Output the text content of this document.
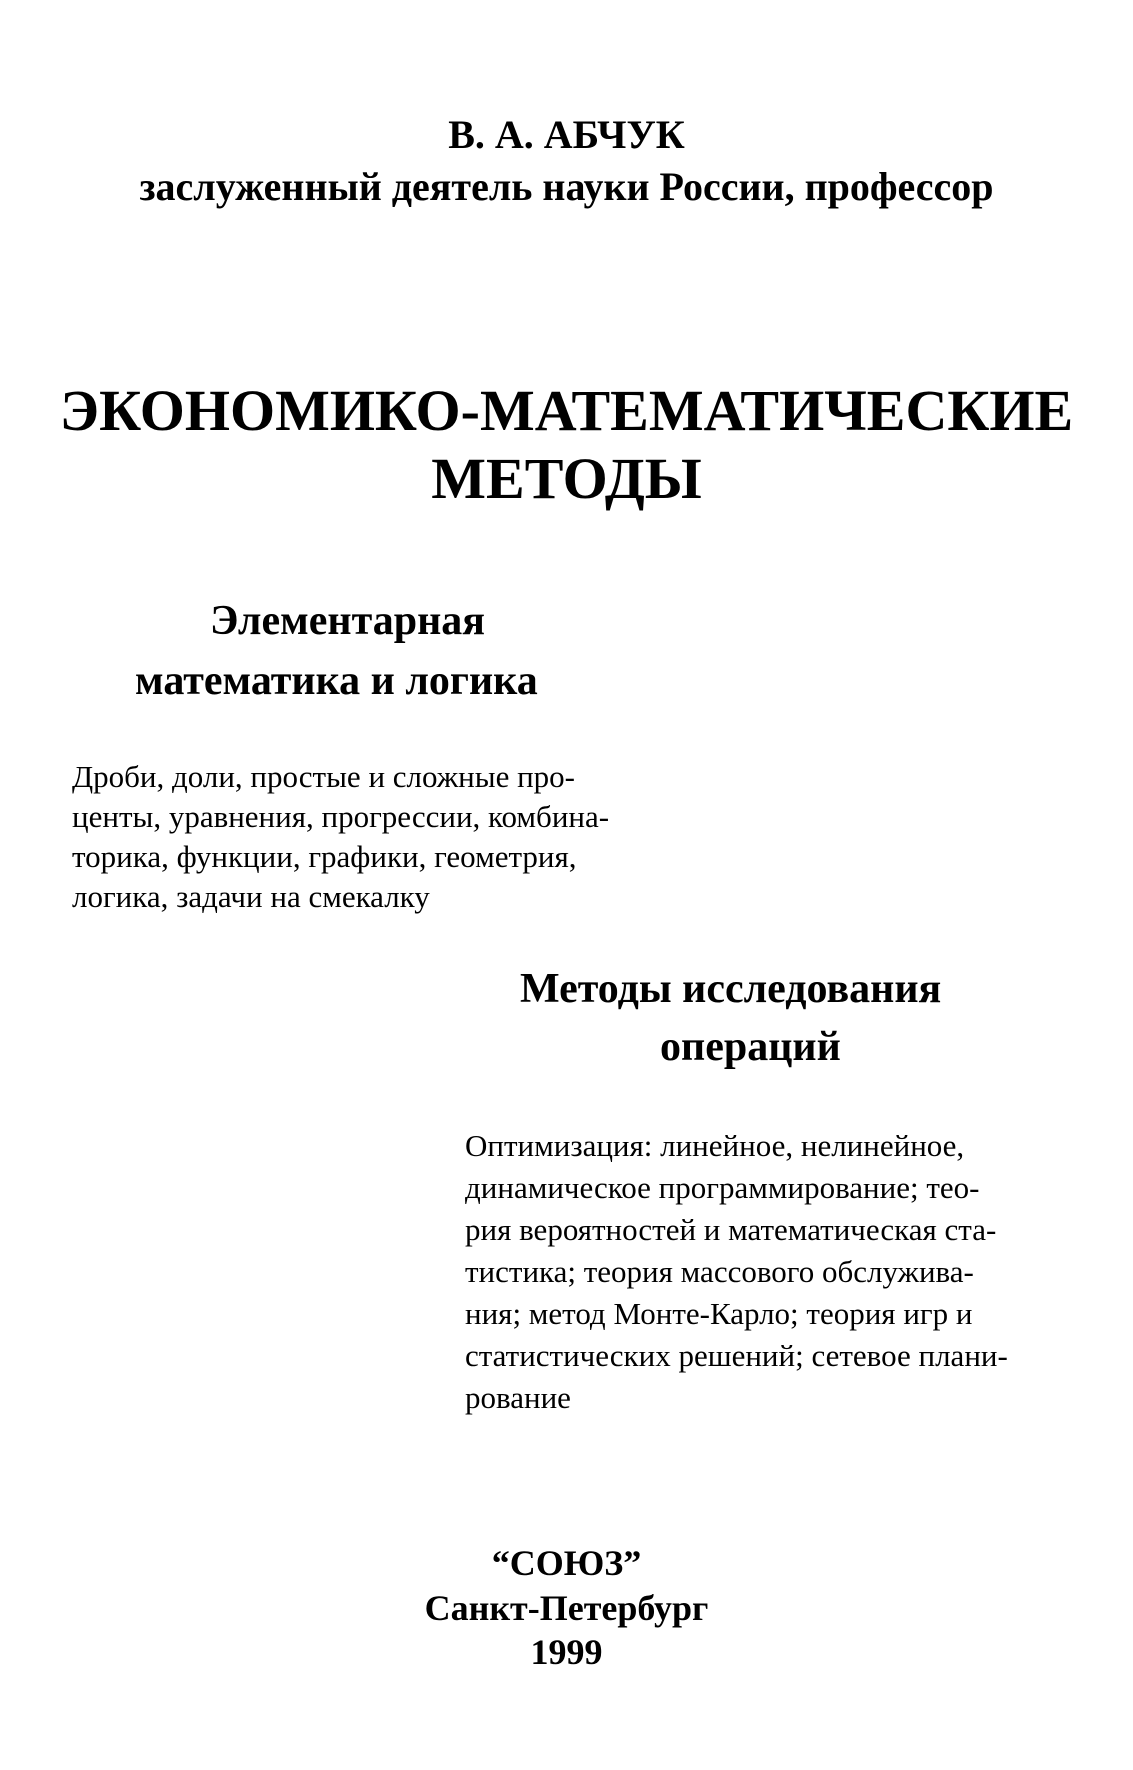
В. А. АБЧУК
заслуженный деятель науки России, профессор
ЭКОНОМИКО-МАТЕМАТИЧЕСКИЕ
МЕТОДЫ
Элементарная
математика и логика
Дроби, доли, простые и сложные про-
центы, уравнения, прогрессии, комбина-
торика, функции, графики, геометрия,
логика, задачи на смекалку
Методы исследования
операций
Оптимизация: линейное, нелинейное,
динамическое программирование; тео-
рия вероятностей и математическая ста-
тистика; теория массового обслужива-
ния; метод Монте-Карло; теория игр и
статистических решений; сетевое плани-
рование
“СОЮЗ”
Санкт-Петербург
1999
